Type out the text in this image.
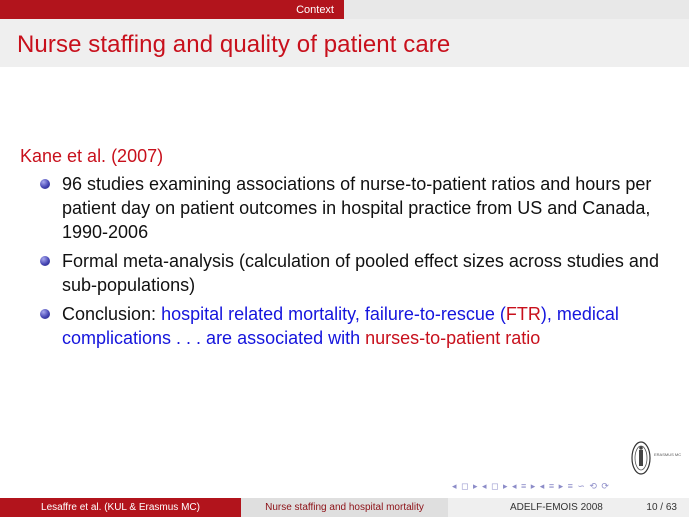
Context
Nurse staffing and quality of patient care
Kane et al. (2007)
96 studies examining associations of nurse-to-patient ratios and hours per patient day on patient outcomes in hospital practice from US and Canada, 1990-2006
Formal meta-analysis (calculation of pooled effect sizes across studies and sub-populations)
Conclusion: hospital related mortality, failure-to-rescue (FTR), medical complications . . . are associated with nurses-to-patient ratio
ERASMUS MC
◂ ◻ ▸ ◂ ◻ ▸ ◂ ≡ ▸ ◂ ≡ ▸ ≡ ∽ ⟲ ⟳
Lesaffre et al. (KUL & Erasmus MC)	Nurse staffing and hospital mortality	ADELF-EMOIS 2008	10 / 63
